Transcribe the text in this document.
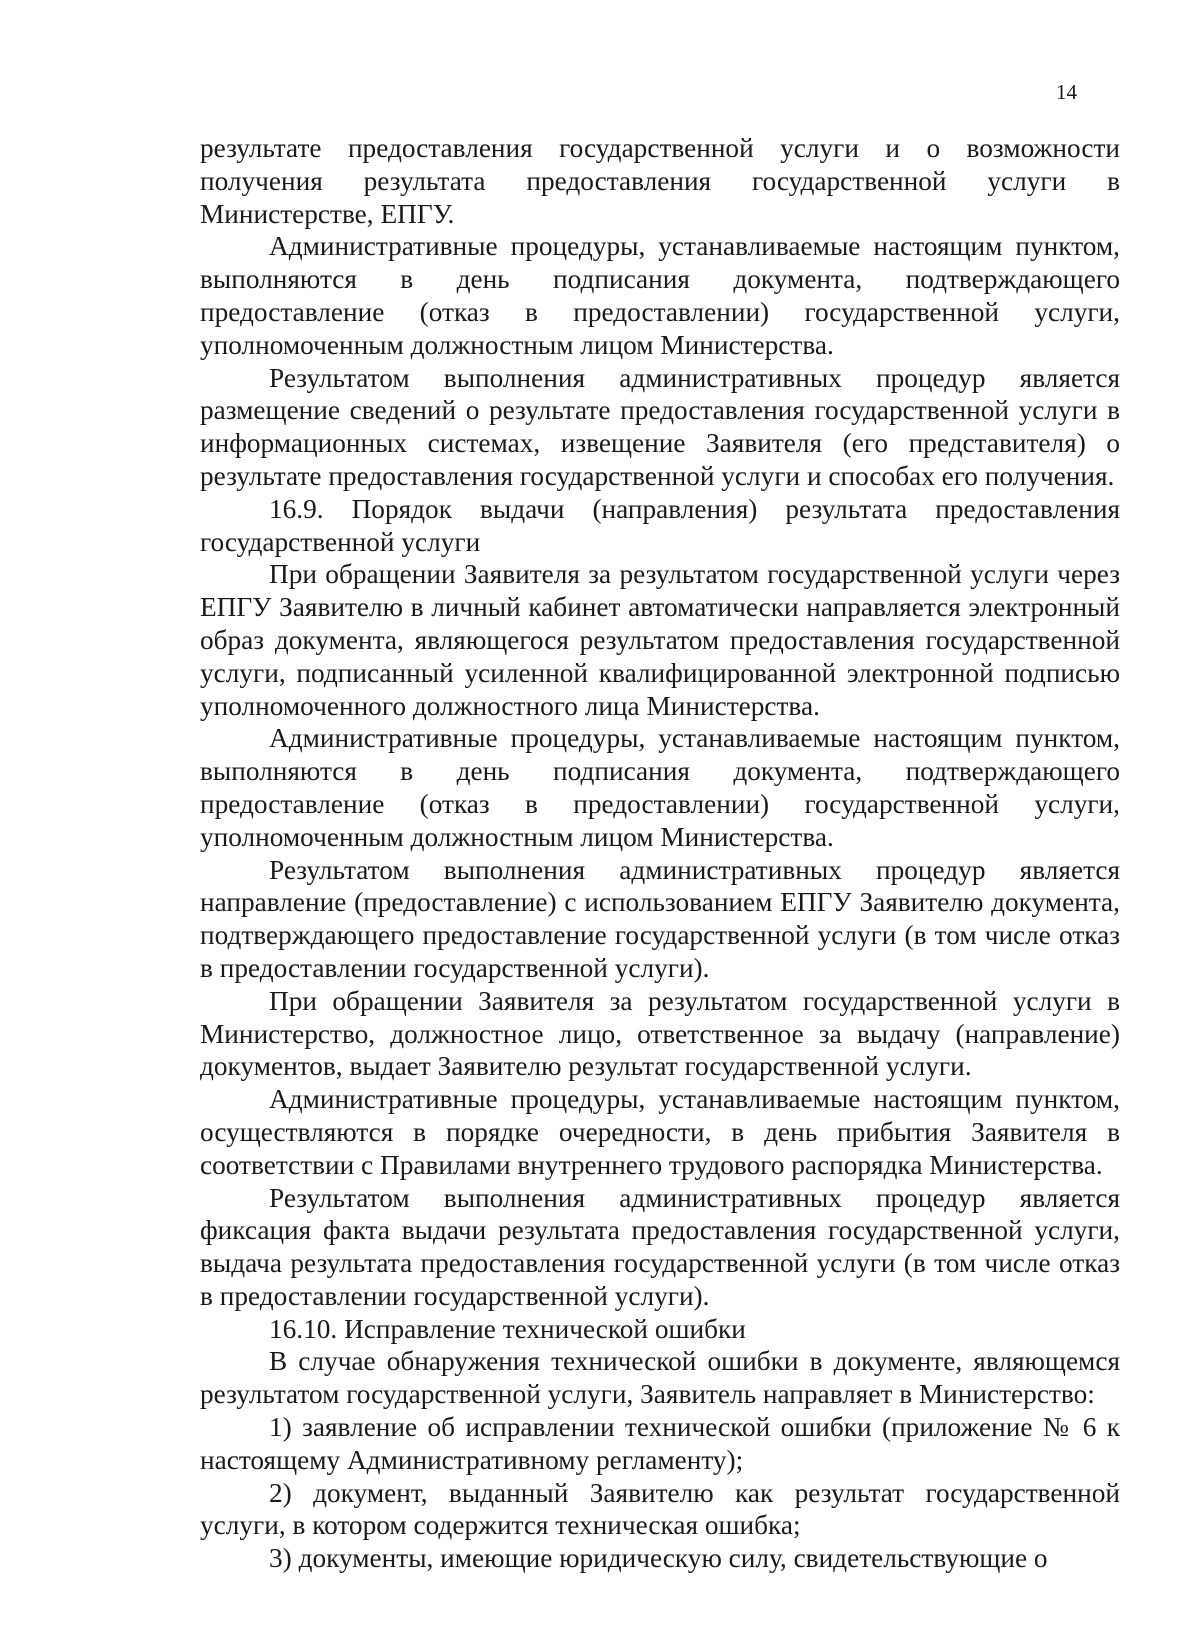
14

результате предоставления государственной услуги и о возможности получения результата предоставления государственной услуги в Министерстве, ЕПГУ.

Административные процедуры, устанавливаемые настоящим пунктом, выполняются в день подписания документа, подтверждающего предоставление (отказ в предоставлении) государственной услуги, уполномоченным должностным лицом Министерства.

Результатом выполнения административных процедур является размещение сведений о результате предоставления государственной услуги в информационных системах, извещение Заявителя (его представителя) о результате предоставления государственной услуги и способах его получения.

16.9. Порядок выдачи (направления) результата предоставления государственной услуги

При обращении Заявителя за результатом государственной услуги через ЕПГУ Заявителю в личный кабинет автоматически направляется электронный образ документа, являющегося результатом предоставления государственной услуги, подписанный усиленной квалифицированной электронной подписью уполномоченного должностного лица Министерства.

Административные процедуры, устанавливаемые настоящим пунктом, выполняются в день подписания документа, подтверждающего предоставление (отказ в предоставлении) государственной услуги, уполномоченным должностным лицом Министерства.

Результатом выполнения административных процедур является направление (предоставление) с использованием ЕПГУ Заявителю документа, подтверждающего предоставление государственной услуги (в том числе отказ в предоставлении государственной услуги).

При обращении Заявителя за результатом государственной услуги в Министерство, должностное лицо, ответственное за выдачу (направление) документов, выдает Заявителю результат государственной услуги.

Административные процедуры, устанавливаемые настоящим пунктом, осуществляются в порядке очередности, в день прибытия Заявителя в соответствии с Правилами внутреннего трудового распорядка Министерства.

Результатом выполнения административных процедур является фиксация факта выдачи результата предоставления государственной услуги, выдача результата предоставления государственной услуги (в том числе отказ в предоставлении государственной услуги).

16.10. Исправление технической ошибки

В случае обнаружения технической ошибки в документе, являющемся результатом государственной услуги, Заявитель направляет в Министерство:

1) заявление об исправлении технической ошибки (приложение № 6 к настоящему Административному регламенту);

2) документ, выданный Заявителю как результат государственной услуги, в котором содержится техническая ошибка;

3) документы, имеющие юридическую силу, свидетельствующие о
